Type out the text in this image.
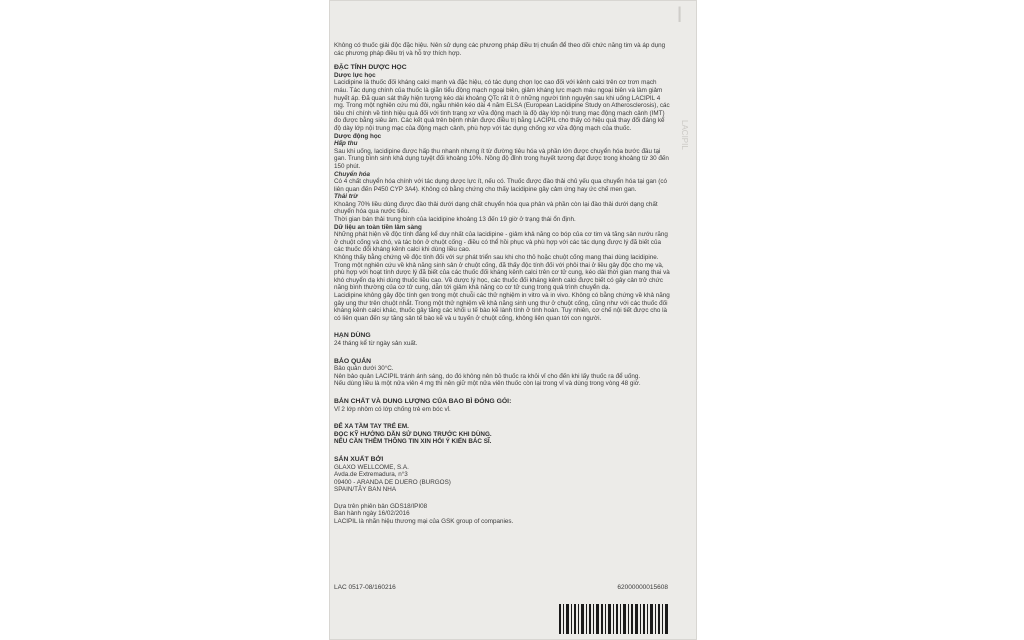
I
LACIPIL

Không có thuốc giải độc đặc hiệu. Nên sử dụng các phương pháp điều trị chuẩn để theo dõi chức năng tim và áp dụng các phương pháp điều trị và hỗ trợ thích hợp.

ĐẶC TÍNH DƯỢC HỌC

Dược lực học

Lacidipine là thuốc đối kháng calci mạnh và đặc hiệu, có tác dụng chọn lọc cao đối với kênh calci trên cơ trơn mạch máu. Tác dụng chính của thuốc là giãn tiểu động mạch ngoại biên, giảm kháng lực mạch máu ngoại biên và làm giảm huyết áp. Đã quan sát thấy hiện tượng kéo dài khoảng QTc rất ít ở những người tình nguyện sau khi uống LACIPIL 4 mg. Trong một nghiên cứu mù đôi, ngẫu nhiên kéo dài 4 năm ELSA (European Lacidipine Study on Atherosclerosis), các tiêu chí chính về tính hiệu quả đối với tình trạng xơ vữa động mạch là độ dày lớp nội trung mạc động mạch cảnh (IMT) đo được bằng siêu âm. Các kết quả trên bệnh nhân được điều trị bằng LACIPIL cho thấy có hiệu quả thay đổi đáng kể độ dày lớp nội trung mạc của động mạch cảnh, phù hợp với tác dụng chống xơ vữa động mạch của thuốc.

Dược động học

Hấp thu

Sau khi uống, lacidipine được hấp thu nhanh nhưng ít từ đường tiêu hóa và phần lớn được chuyển hóa bước đầu tại gan. Trung bình sinh khả dụng tuyệt đối khoảng 10%. Nồng độ đỉnh trong huyết tương đạt được trong khoảng từ 30 đến 150 phút.

Chuyển hóa

Có 4 chất chuyển hóa chính với tác dụng dược lực ít, nếu có. Thuốc được đào thải chủ yếu qua chuyển hóa tại gan (có liên quan đến P450 CYP 3A4). Không có bằng chứng cho thấy lacidipine gây cảm ứng hay ức chế men gan.

Thải trừ

Khoảng 70% liều dùng được đào thải dưới dạng chất chuyển hóa qua phân và phần còn lại đào thải dưới dạng chất chuyển hóa qua nước tiểu.

Thời gian bán thải trung bình của lacidipine khoảng 13 đến 19 giờ ở trạng thái ổn định.

Dữ liệu an toàn tiền lâm sàng

Những phát hiện về độc tính đáng kể duy nhất của lacidipine - giảm khả năng co bóp của cơ tim và tăng sản nướu răng ở chuột cống và chó, và tác bón ở chuột cống - điều có thể hồi phục và phù hợp với các tác dụng được lý đã biết của các thuốc đối kháng kênh calci khi dùng liều cao.

Không thấy bằng chứng về độc tính đối với sự phát triển sau khi cho thỏ hoặc chuột cống mang thai dùng lacidipine. Trong một nghiên cứu về khả năng sinh sản ở chuột cống, đã thấy độc tính đối với phôi thai ở liều gây độc cho mẹ và, phù hợp với hoạt tính dược lý đã biết của các thuốc đối kháng kênh calci trên cơ tử cung, kéo dài thời gian mang thai và khó chuyển dạ khi dùng thuốc liều cao. Về dược lý học, các thuốc đối kháng kênh calci được biết có gây cản trở chức năng bình thường của cơ tử cung, dẫn tới giảm khả năng co cơ tử cung trong quá trình chuyển dạ.

Lacidipine không gây độc tính gen trong một chuỗi các thử nghiệm in vitro và in vivo. Không có bằng chứng về khả năng gây ung thư trên chuột nhắt. Trong một thử nghiệm về khả năng sinh ung thư ở chuột cống, cũng như với các thuốc đối kháng kênh calci khác, thuốc gây tăng các khối u tế bào kẽ lành tính ở tinh hoàn. Tuy nhiên, cơ chế nội tiết được cho là có liên quan đến sự tăng sản tế bào kẽ và u tuyến ở chuột cống, không liên quan tới con người.

HẠN DÙNG

24 tháng kể từ ngày sản xuất.

BẢO QUẢN

Bảo quản dưới 30°C.

Nên bảo quản LACIPIL tránh ánh sáng, do đó không nên bỏ thuốc ra khỏi vỉ cho đến khi lấy thuốc ra để uống.

Nếu dùng liều là một nửa viên 4 mg thì nên giữ một nửa viên thuốc còn lại trong vỉ và dùng trong vòng 48 giờ.

BẢN CHẤT VÀ DUNG LƯỢNG CỦA BAO BÌ ĐÓNG GÓI:

Vỉ 2 lớp nhôm có lớp chống trẻ em bóc vỉ.

ĐỂ XA TẦM TAY TRẺ EM.

ĐỌC KỸ HƯỚNG DẪN SỬ DỤNG TRƯỚC KHI DÙNG.

NẾU CẦN THÊM THÔNG TIN XIN HỎI Ý KIẾN BÁC SĨ.

SẢN XUẤT BỞI

GLAXO WELLCOME, S.A.

Avda.de Extremadura, n°3

09400 - ARANDA DE DUERO (BURGOS)

SPAIN/TÂY BAN NHA

Dựa trên phiên bản GDS18/IPI08

Ban hành ngày 16/02/2016

LACIPIL là nhãn hiệu thương mại của GSK group of companies.

LAC 0517-08/160216	62000000015608
